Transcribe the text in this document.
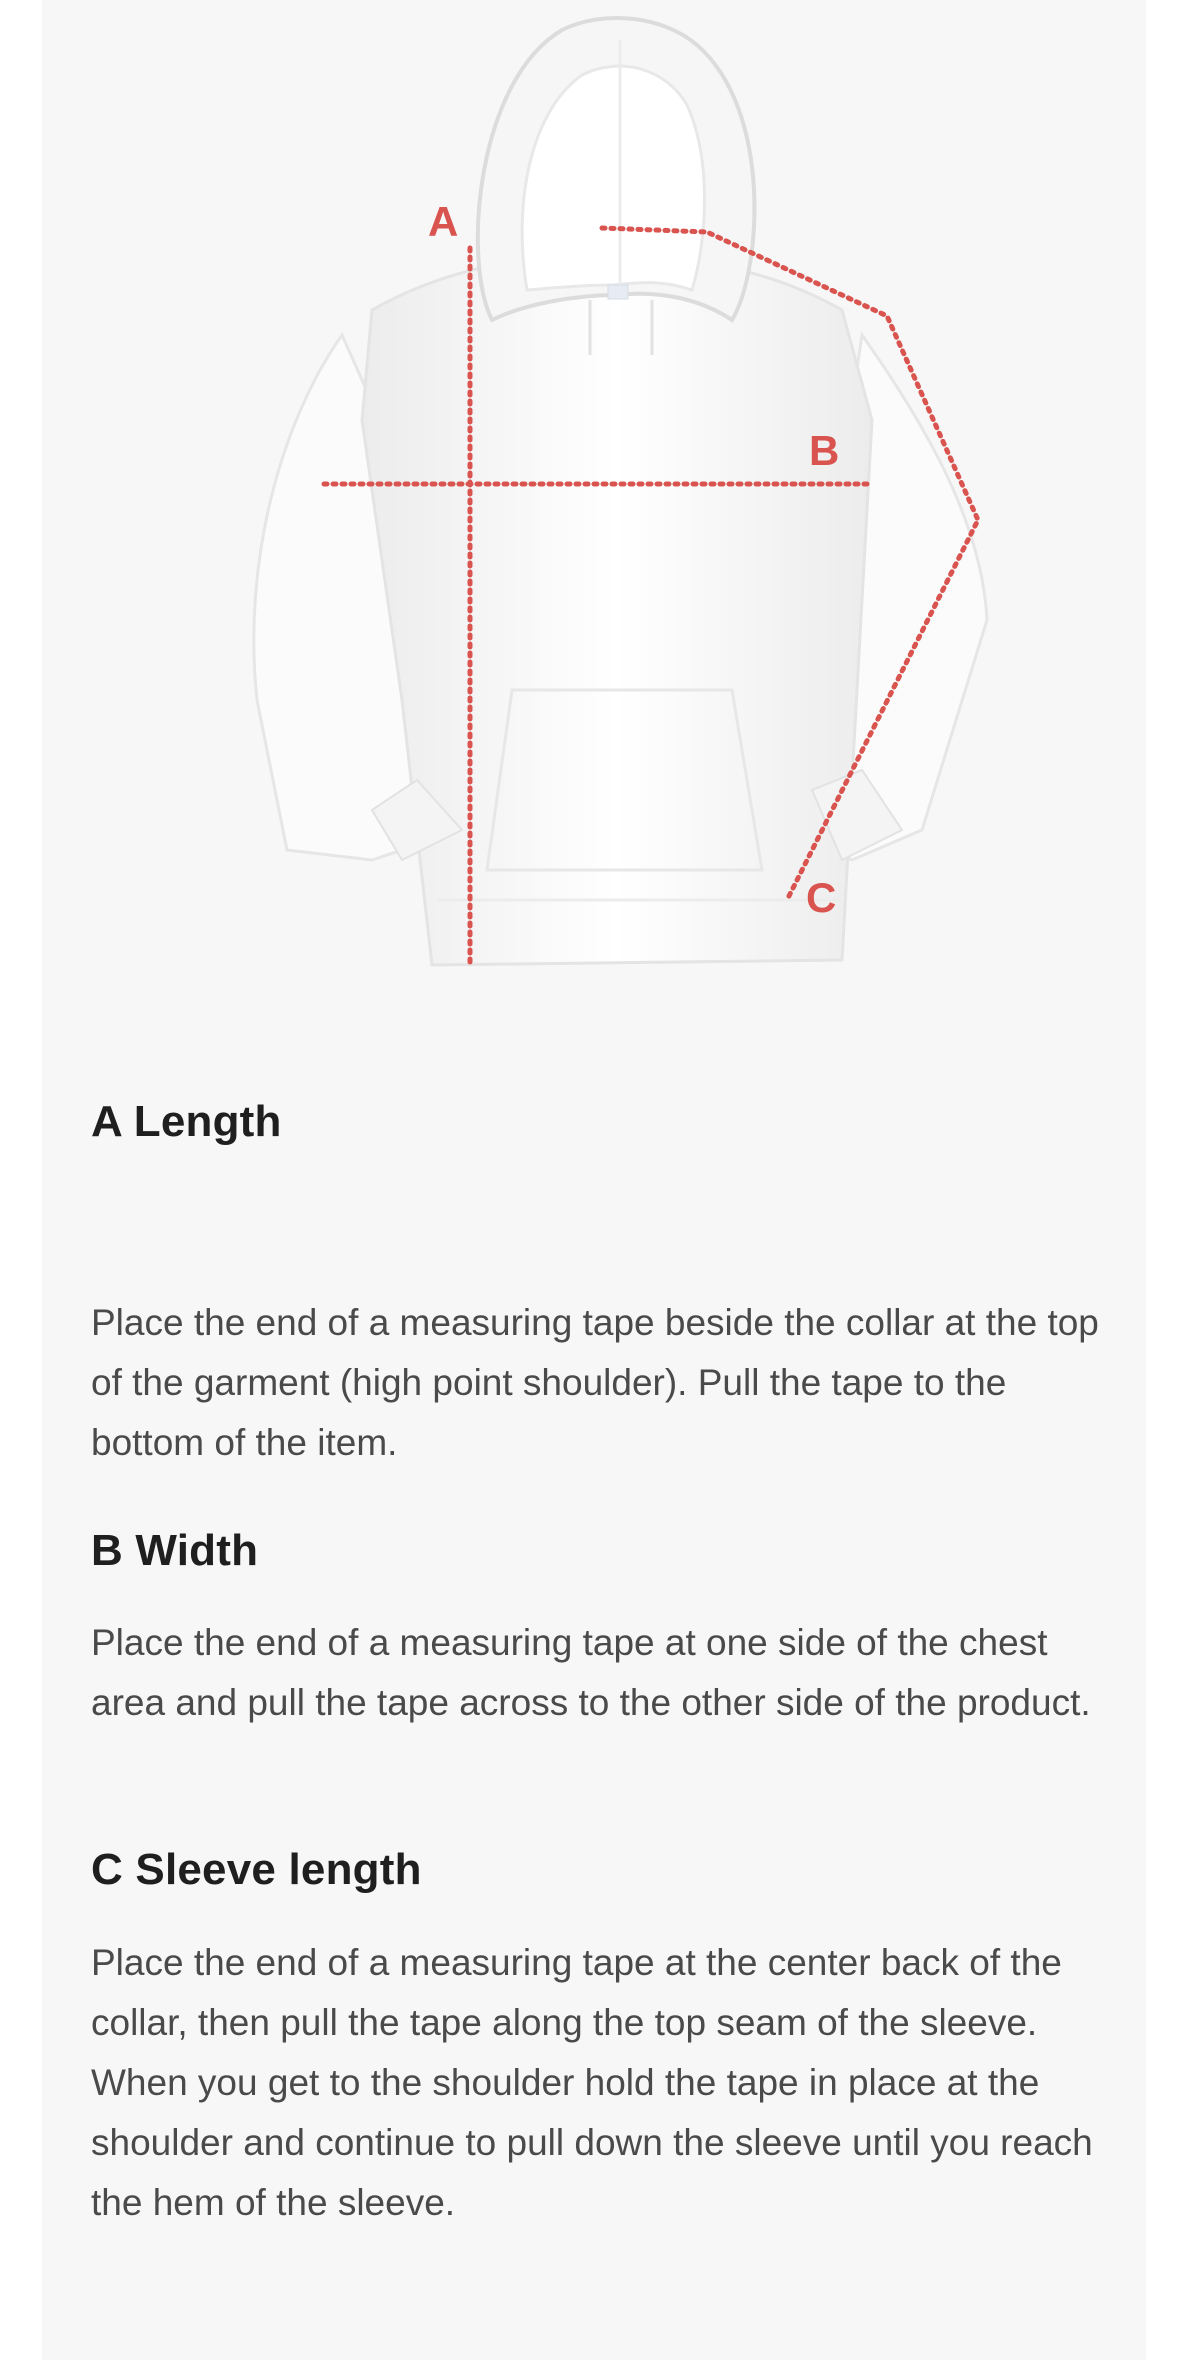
A
B
C
A Length

Place the end of a measuring tape beside the collar at the top of the garment (high point shoulder). Pull the tape to the bottom of the item.

B Width

Place the end of a measuring tape at one side of the chest area and pull the tape across to the other side of the product.

C Sleeve length

Place the end of a measuring tape at the center back of the collar, then pull the tape along the top seam of the sleeve. When you get to the shoulder hold the tape in place at the shoulder and continue to pull down the sleeve until you reach the hem of the sleeve.
